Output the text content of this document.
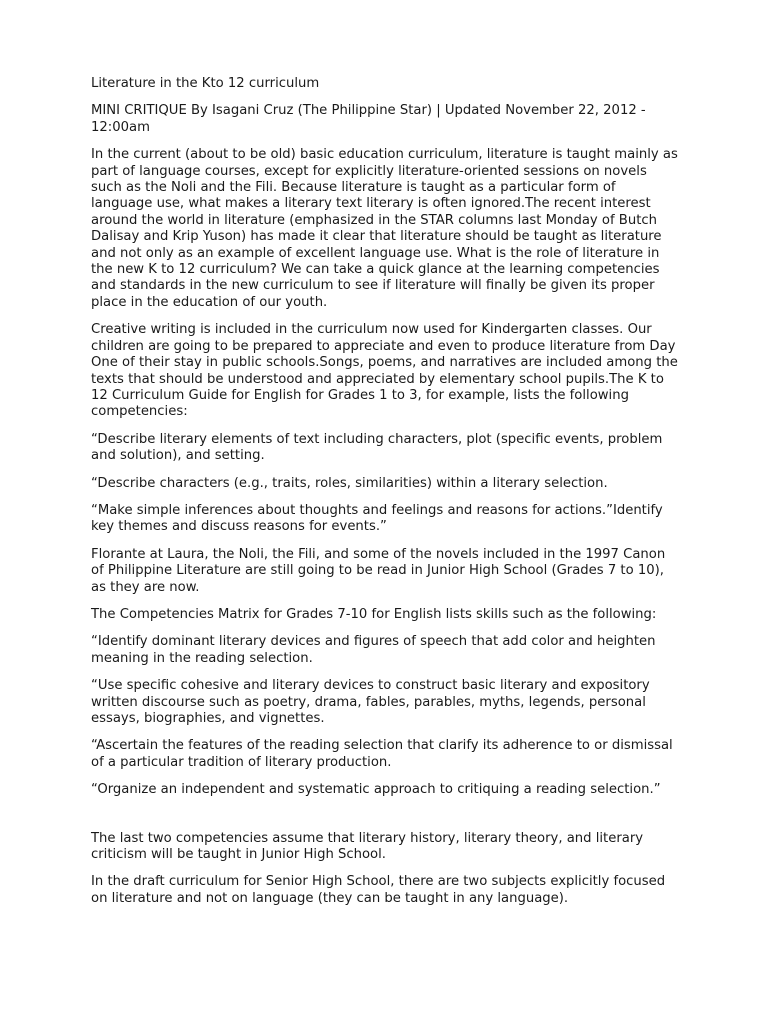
Literature in the Kto 12 curriculum

MINI CRITIQUE By Isagani Cruz (The Philippine Star) | Updated November 22, 2012 - 12:00am

In the current (about to be old) basic education curriculum, literature is taught mainly as part of language courses, except for explicitly literature-oriented sessions on novels such as the Noli and the Fili. Because literature is taught as a particular form of language use, what makes a literary text literary is often ignored.The recent interest around the world in literature (emphasized in the STAR columns last Monday of Butch Dalisay and Krip Yuson) has made it clear that literature should be taught as literature and not only as an example of excellent language use. What is the role of literature in the new K to 12 curriculum? We can take a quick glance at the learning competencies and standards in the new curriculum to see if literature will finally be given its proper place in the education of our youth.

Creative writing is included in the curriculum now used for Kindergarten classes. Our children are going to be prepared to appreciate and even to produce literature from Day One of their stay in public schools.Songs, poems, and narratives are included among the texts that should be understood and appreciated by elementary school pupils.The K to 12 Curriculum Guide for English for Grades 1 to 3, for example, lists the following competencies:

“Describe literary elements of text including characters, plot (specific events, problem and solution), and setting.

“Describe characters (e.g., traits, roles, similarities) within a literary selection.

“Make simple inferences about thoughts and feelings and reasons for actions.”Identify key themes and discuss reasons for events.”

Florante at Laura, the Noli, the Fili, and some of the novels included in the 1997 Canon of Philippine Literature are still going to be read in Junior High School (Grades 7 to 10), as they are now.

The Competencies Matrix for Grades 7-10 for English lists skills such as the following:

“Identify dominant literary devices and figures of speech that add color and heighten meaning in the reading selection.

“Use specific cohesive and literary devices to construct basic literary and expository written discourse such as poetry, drama, fables, parables, myths, legends, personal essays, biographies, and vignettes.

“Ascertain the features of the reading selection that clarify its adherence to or dismissal of a particular tradition of literary production.

“Organize an independent and systematic approach to critiquing a reading selection.”

The last two competencies assume that literary history, literary theory, and literary criticism will be taught in Junior High School.

In the draft curriculum for Senior High School, there are two subjects explicitly focused on literature and not on language (they can be taught in any language).
